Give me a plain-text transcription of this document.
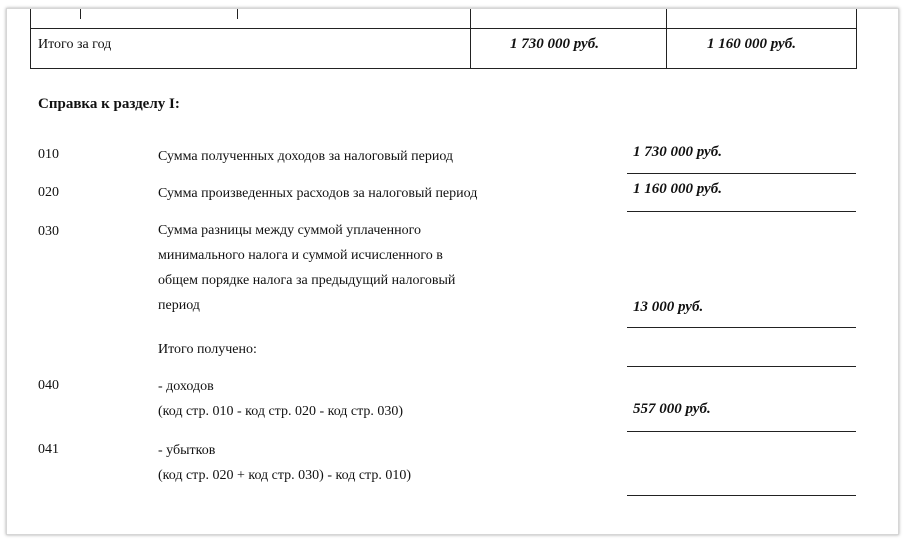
Итого за год	1 730 000 руб.	1 160 000 руб.
Справка к разделу I:
010	Сумма полученных доходов за налоговый период	1 730 000 руб.
020	Сумма произведенных расходов за налоговый период	1 160 000 руб.
030	Сумма разницы между суммой уплаченного
минимального налога и суммой исчисленного в
общем порядке налога за предыдущий налоговый
период	13 000 руб.
Итого получено:
040	- доходов
(код стр. 010 - код стр. 020 - код стр. 030)	557 000 руб.
041	- убытков
(код стр. 020 + код стр. 030) - код стр. 010)
